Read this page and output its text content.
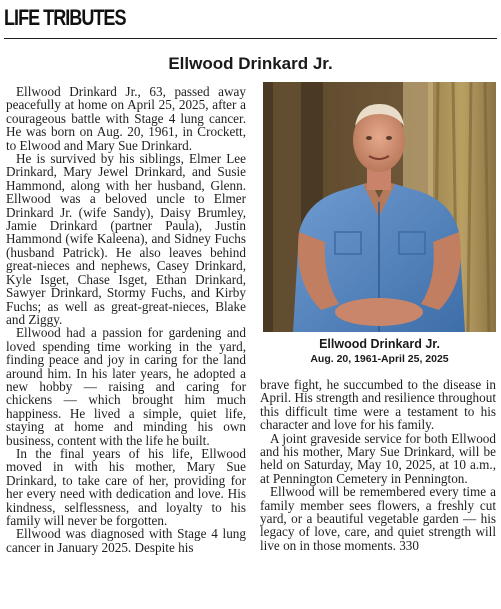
LIFE TRIBUTES
Ellwood Drinkard Jr.

Ellwood Drinkard Jr., 63, passed away peacefully at home on April 25, 2025, after a courageous battle with Stage 4 lung cancer. He was born on Aug. 20, 1961, in Crockett, to Elwood and Mary Sue Drinkard.

He is survived by his siblings, Elmer Lee Drinkard, Mary Jewel Drinkard, and Susie Hammond, along with her husband, Glenn. Ellwood was a beloved uncle to Elmer Drinkard Jr. (wife Sandy), Daisy Brumley, Jamie Drinkard (partner Paula), Justin Hammond (wife Kaleena), and Sidney Fuchs (husband Patrick). He also leaves behind great-nieces and nephews, Casey Drinkard, Kyle Isget, Chase Isget, Ethan Drinkard, Sawyer Drinkard, Stormy Fuchs, and Kirby Fuchs; as well as great-great-nieces, Blake and Ziggy.

Ellwood had a passion for gardening and loved spending time working in the yard, finding peace and joy in caring for the land around him. In his later years, he adopted a new hobby — raising and caring for chickens — which brought him much happiness. He lived a simple, quiet life, staying at home and minding his own business, content with the life he built.

In the final years of his life, Ellwood moved in with his mother, Mary Sue Drinkard, to take care of her, providing for her every need with dedication and love. His kindness, selflessness, and loyalty to his family will never be forgotten.

Ellwood was diagnosed with Stage 4 lung cancer in January 2025. Despite his

Ellwood Drinkard Jr.
Aug. 20, 1961-April 25, 2025

brave fight, he succumbed to the disease in April. His strength and resilience throughout this difficult time were a testament to his character and love for his family.

A joint graveside service for both Ellwood and his mother, Mary Sue Drinkard, will be held on Saturday, May 10, 2025, at 10 a.m., at Pennington Cemetery in Pennington.

Ellwood will be remembered every time a family member sees flowers, a freshly cut yard, or a beautiful vegetable garden — his legacy of love, care, and quiet strength will live on in those moments. 330
